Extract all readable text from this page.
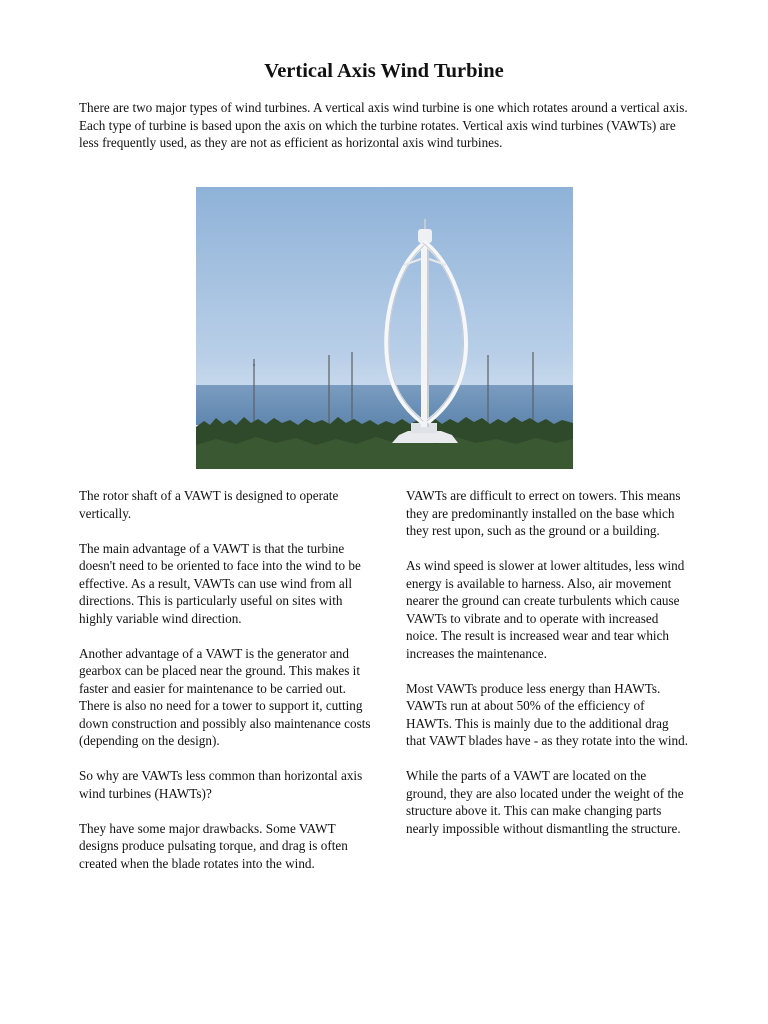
Vertical Axis Wind Turbine

There are two major types of wind turbines. A vertical axis wind turbine is one which rotates around a vertical axis. Each type of turbine is based upon the axis on which the turbine rotates. Vertical axis wind turbines (VAWTs) are less frequently used, as they are not as efficient as horizontal axis wind turbines.

The rotor shaft of a VAWT is designed to operate vertically.

The main advantage of a VAWT is that the turbine doesn't need to be oriented to face into the wind to be effective. As a result, VAWTs can use wind from all directions. This is particularly useful on sites with highly variable wind direction.

Another advantage of a VAWT is the generator and gearbox can be placed near the ground. This makes it faster and easier for maintenance to be carried out. There is also no need for a tower to support it, cutting down construction and possibly also maintenance costs (depending on the design).

So why are VAWTs less common than horizontal axis wind turbines (HAWTs)?

They have some major drawbacks. Some VAWT designs produce pulsating torque, and drag is often created when the blade rotates into the wind.

VAWTs are difficult to errect on towers. This means they are predominantly installed on the base which they rest upon, such as the ground or a building.

As wind speed is slower at lower altitudes, less wind energy is available to harness. Also, air movement nearer the ground can create turbulents which cause VAWTs to vibrate and to operate with increased noice. The result is increased wear and tear which increases the maintenance.

Most VAWTs produce less energy than HAWTs. VAWTs run at about 50% of the efficiency of HAWTs. This is mainly due to the additional drag that VAWT blades have - as they rotate into the wind.

While the parts of a VAWT are located on the ground, they are also located under the weight of the structure above it. This can make changing parts nearly impossible without dismantling the structure.
